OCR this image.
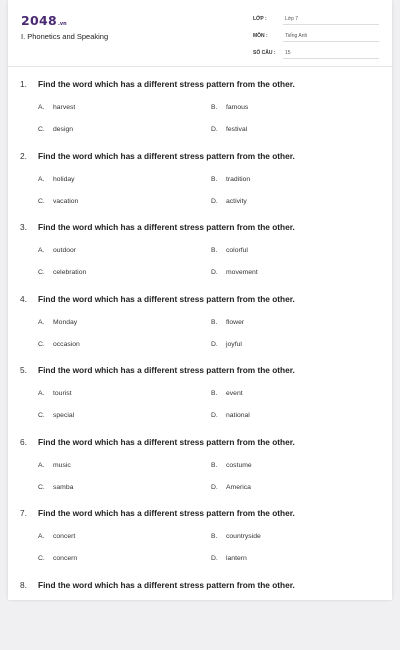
2048.vn
I. Phonetics and Speaking
LỚP :	Lớp 7
MÔN :	Tiếng Anh
SỐ CÂU :	15
1. Find the word which has a different stress pattern from the other.
A. harvest	B. famous
C. design	D. festival
2. Find the word which has a different stress pattern from the other.
A. holiday	B. tradition
C. vacation	D. activity
3. Find the word which has a different stress pattern from the other.
A. outdoor	B. colorful
C. celebration	D. movement
4. Find the word which has a different stress pattern from the other.
A. Monday	B. flower
C. occasion	D. joyful
5. Find the word which has a different stress pattern from the other.
A. tourist	B. event
C. special	D. national
6. Find the word which has a different stress pattern from the other.
A. music	B. costume
C. samba	D. America
7. Find the word which has a different stress pattern from the other.
A. concert	B. countryside
C. concern	D. lantern
8. Find the word which has a different stress pattern from the other.
